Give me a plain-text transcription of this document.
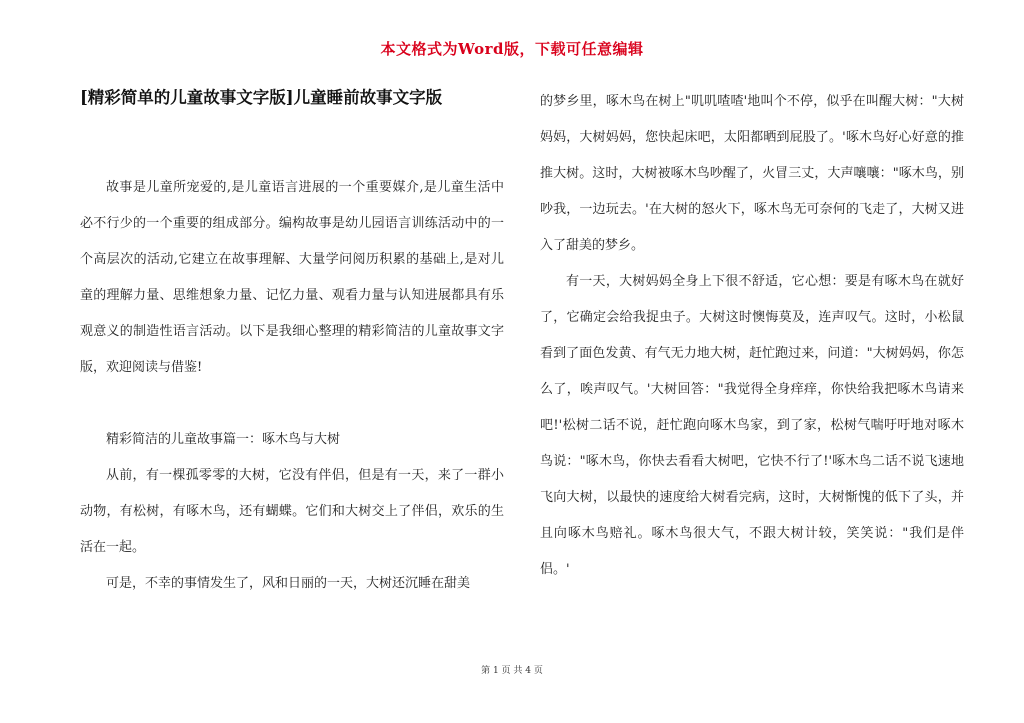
本文格式为Word版，下载可任意编辑
[精彩简单的儿童故事文字版]儿童睡前故事文字版

故事是儿童所宠爱的,是儿童语言进展的一个重要媒介,是儿童生活中必不行少的一个重要的组成部分。编构故事是幼儿园语言训练活动中的一个高层次的活动,它建立在故事理解、大量学问阅历积累的基础上,是对儿童的理解力量、思维想象力量、记忆力量、观看力量与认知进展都具有乐观意义的制造性语言活动。以下是我细心整理的精彩简洁的儿童故事文字版，欢迎阅读与借鉴!

精彩简洁的儿童故事篇一：啄木鸟与大树

从前，有一棵孤零零的大树，它没有伴侣，但是有一天，来了一群小动物，有松树，有啄木鸟，还有蝴蝶。它们和大树交上了伴侣，欢乐的生活在一起。

可是，不幸的事情发生了，风和日丽的一天，大树还沉睡在甜美

的梦乡里，啄木鸟在树上"叽叽喳喳'地叫个不停，似乎在叫醒大树："大树妈妈，大树妈妈，您快起床吧，太阳都晒到屁股了。'啄木鸟好心好意的推推大树。这时，大树被啄木鸟吵醒了，火冒三丈，大声嚷嚷："啄木鸟，别吵我，一边玩去。'在大树的怒火下，啄木鸟无可奈何的飞走了，大树又进入了甜美的梦乡。

有一天，大树妈妈全身上下很不舒适，它心想：要是有啄木鸟在就好了，它确定会给我捉虫子。大树这时懊悔莫及，连声叹气。这时，小松鼠看到了面色发黄、有气无力地大树，赶忙跑过来，问道："大树妈妈，你怎么了，唉声叹气。'大树回答："我觉得全身痒痒，你快给我把啄木鸟请来吧!'松树二话不说，赶忙跑向啄木鸟家，到了家，松树气喘吁吁地对啄木鸟说："啄木鸟，你快去看看大树吧，它快不行了!'啄木鸟二话不说飞速地飞向大树，以最快的速度给大树看完病，这时，大树惭愧的低下了头，并且向啄木鸟赔礼。啄木鸟很大气，不跟大树计较，笑笑说："我们是伴侣。'

第 1 页 共 4 页
